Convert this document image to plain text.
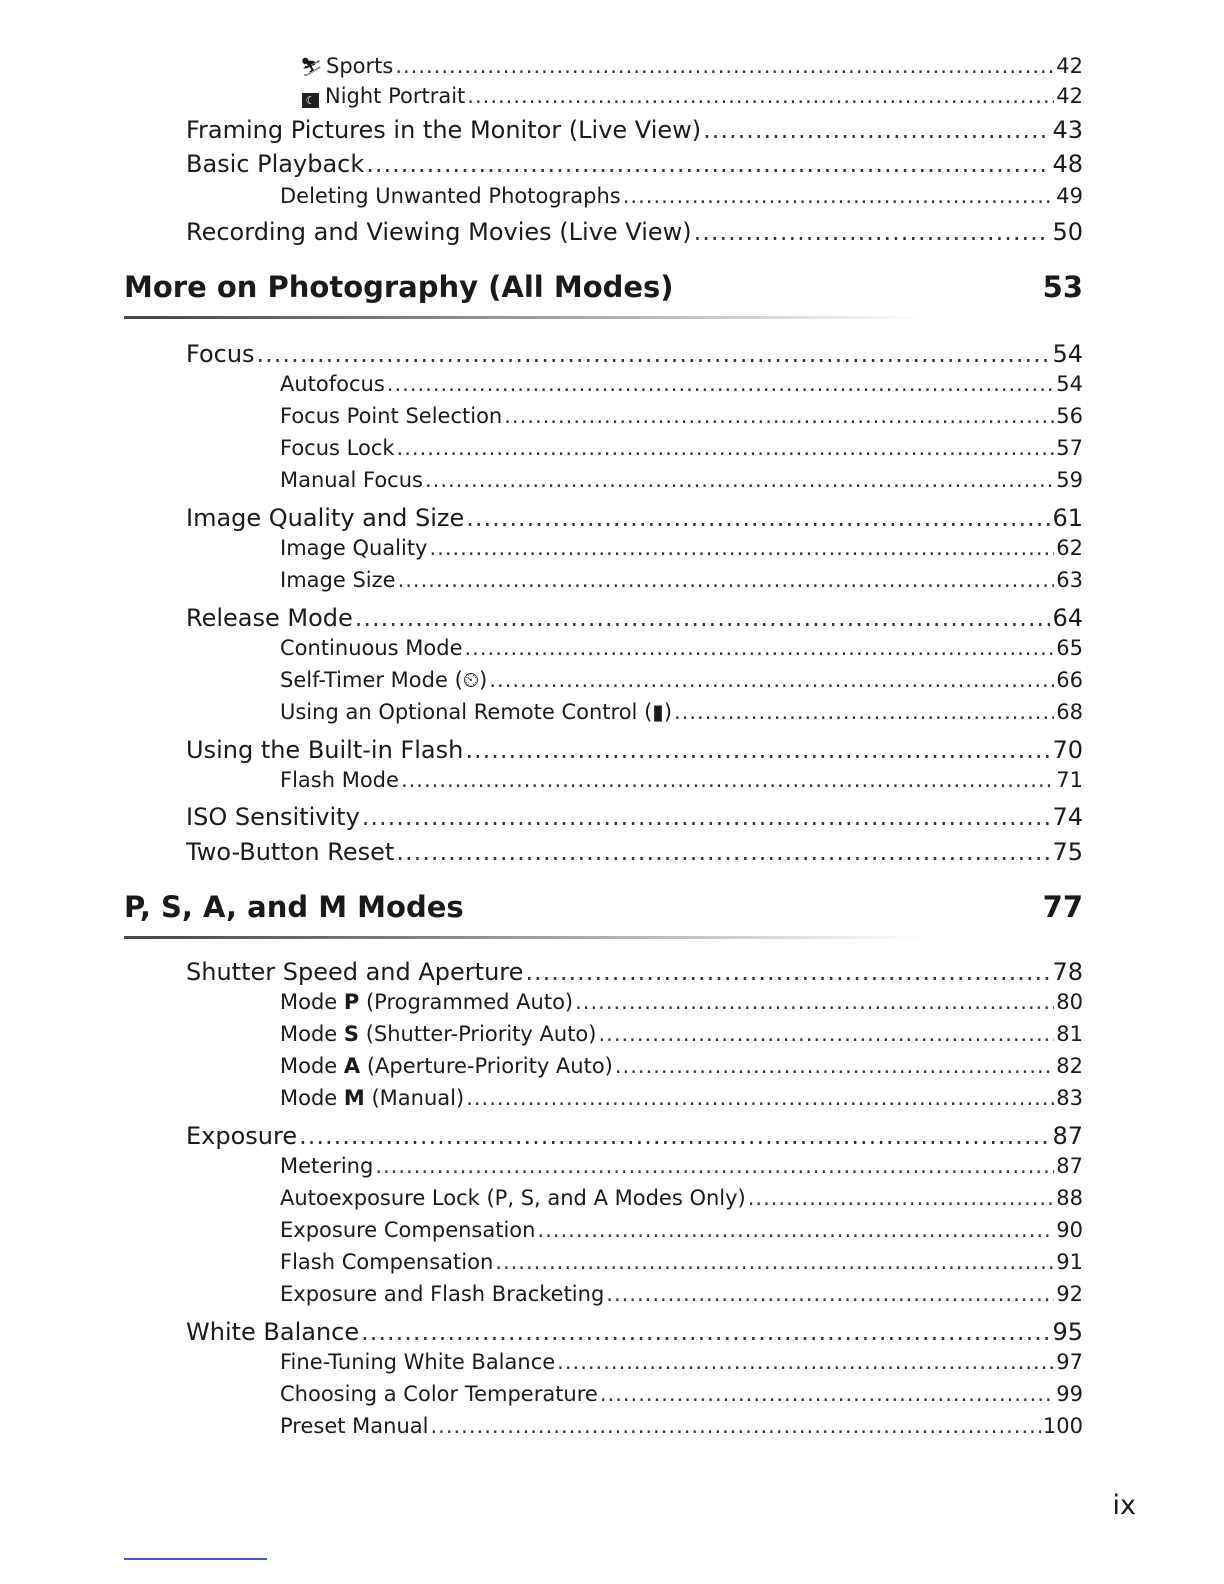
⛷ Sports .....	42
☾ Night Portrait .....	42
Framing Pictures in the Monitor (Live View) .....	43
Basic Playback .....	48
Deleting Unwanted Photographs .....	49
Recording and Viewing Movies (Live View) .....	50
More on Photography (All Modes)	53
Focus .....	54
Autofocus .....	54
Focus Point Selection .....	56
Focus Lock .....	57
Manual Focus .....	59
Image Quality and Size .....	61
Image Quality .....	62
Image Size .....	63
Release Mode .....	64
Continuous Mode .....	65
Self-Timer Mode (⏲) .....	66
Using an Optional Remote Control (▮) .....	68
Using the Built-in Flash .....	70
Flash Mode .....	71
ISO Sensitivity .....	74
Two-Button Reset .....	75
P, S, A, and M Modes	77
Shutter Speed and Aperture .....	78
Mode P (Programmed Auto) .....	80
Mode S (Shutter-Priority Auto) .....	81
Mode A (Aperture-Priority Auto) .....	82
Mode M (Manual) .....	83
Exposure .....	87
Metering .....	87
Autoexposure Lock (P, S, and A Modes Only) .....	88
Exposure Compensation .....	90
Flash Compensation .....	91
Exposure and Flash Bracketing .....	92
White Balance .....	95
Fine-Tuning White Balance .....	97
Choosing a Color Temperature .....	99
Preset Manual .....	100
ix
